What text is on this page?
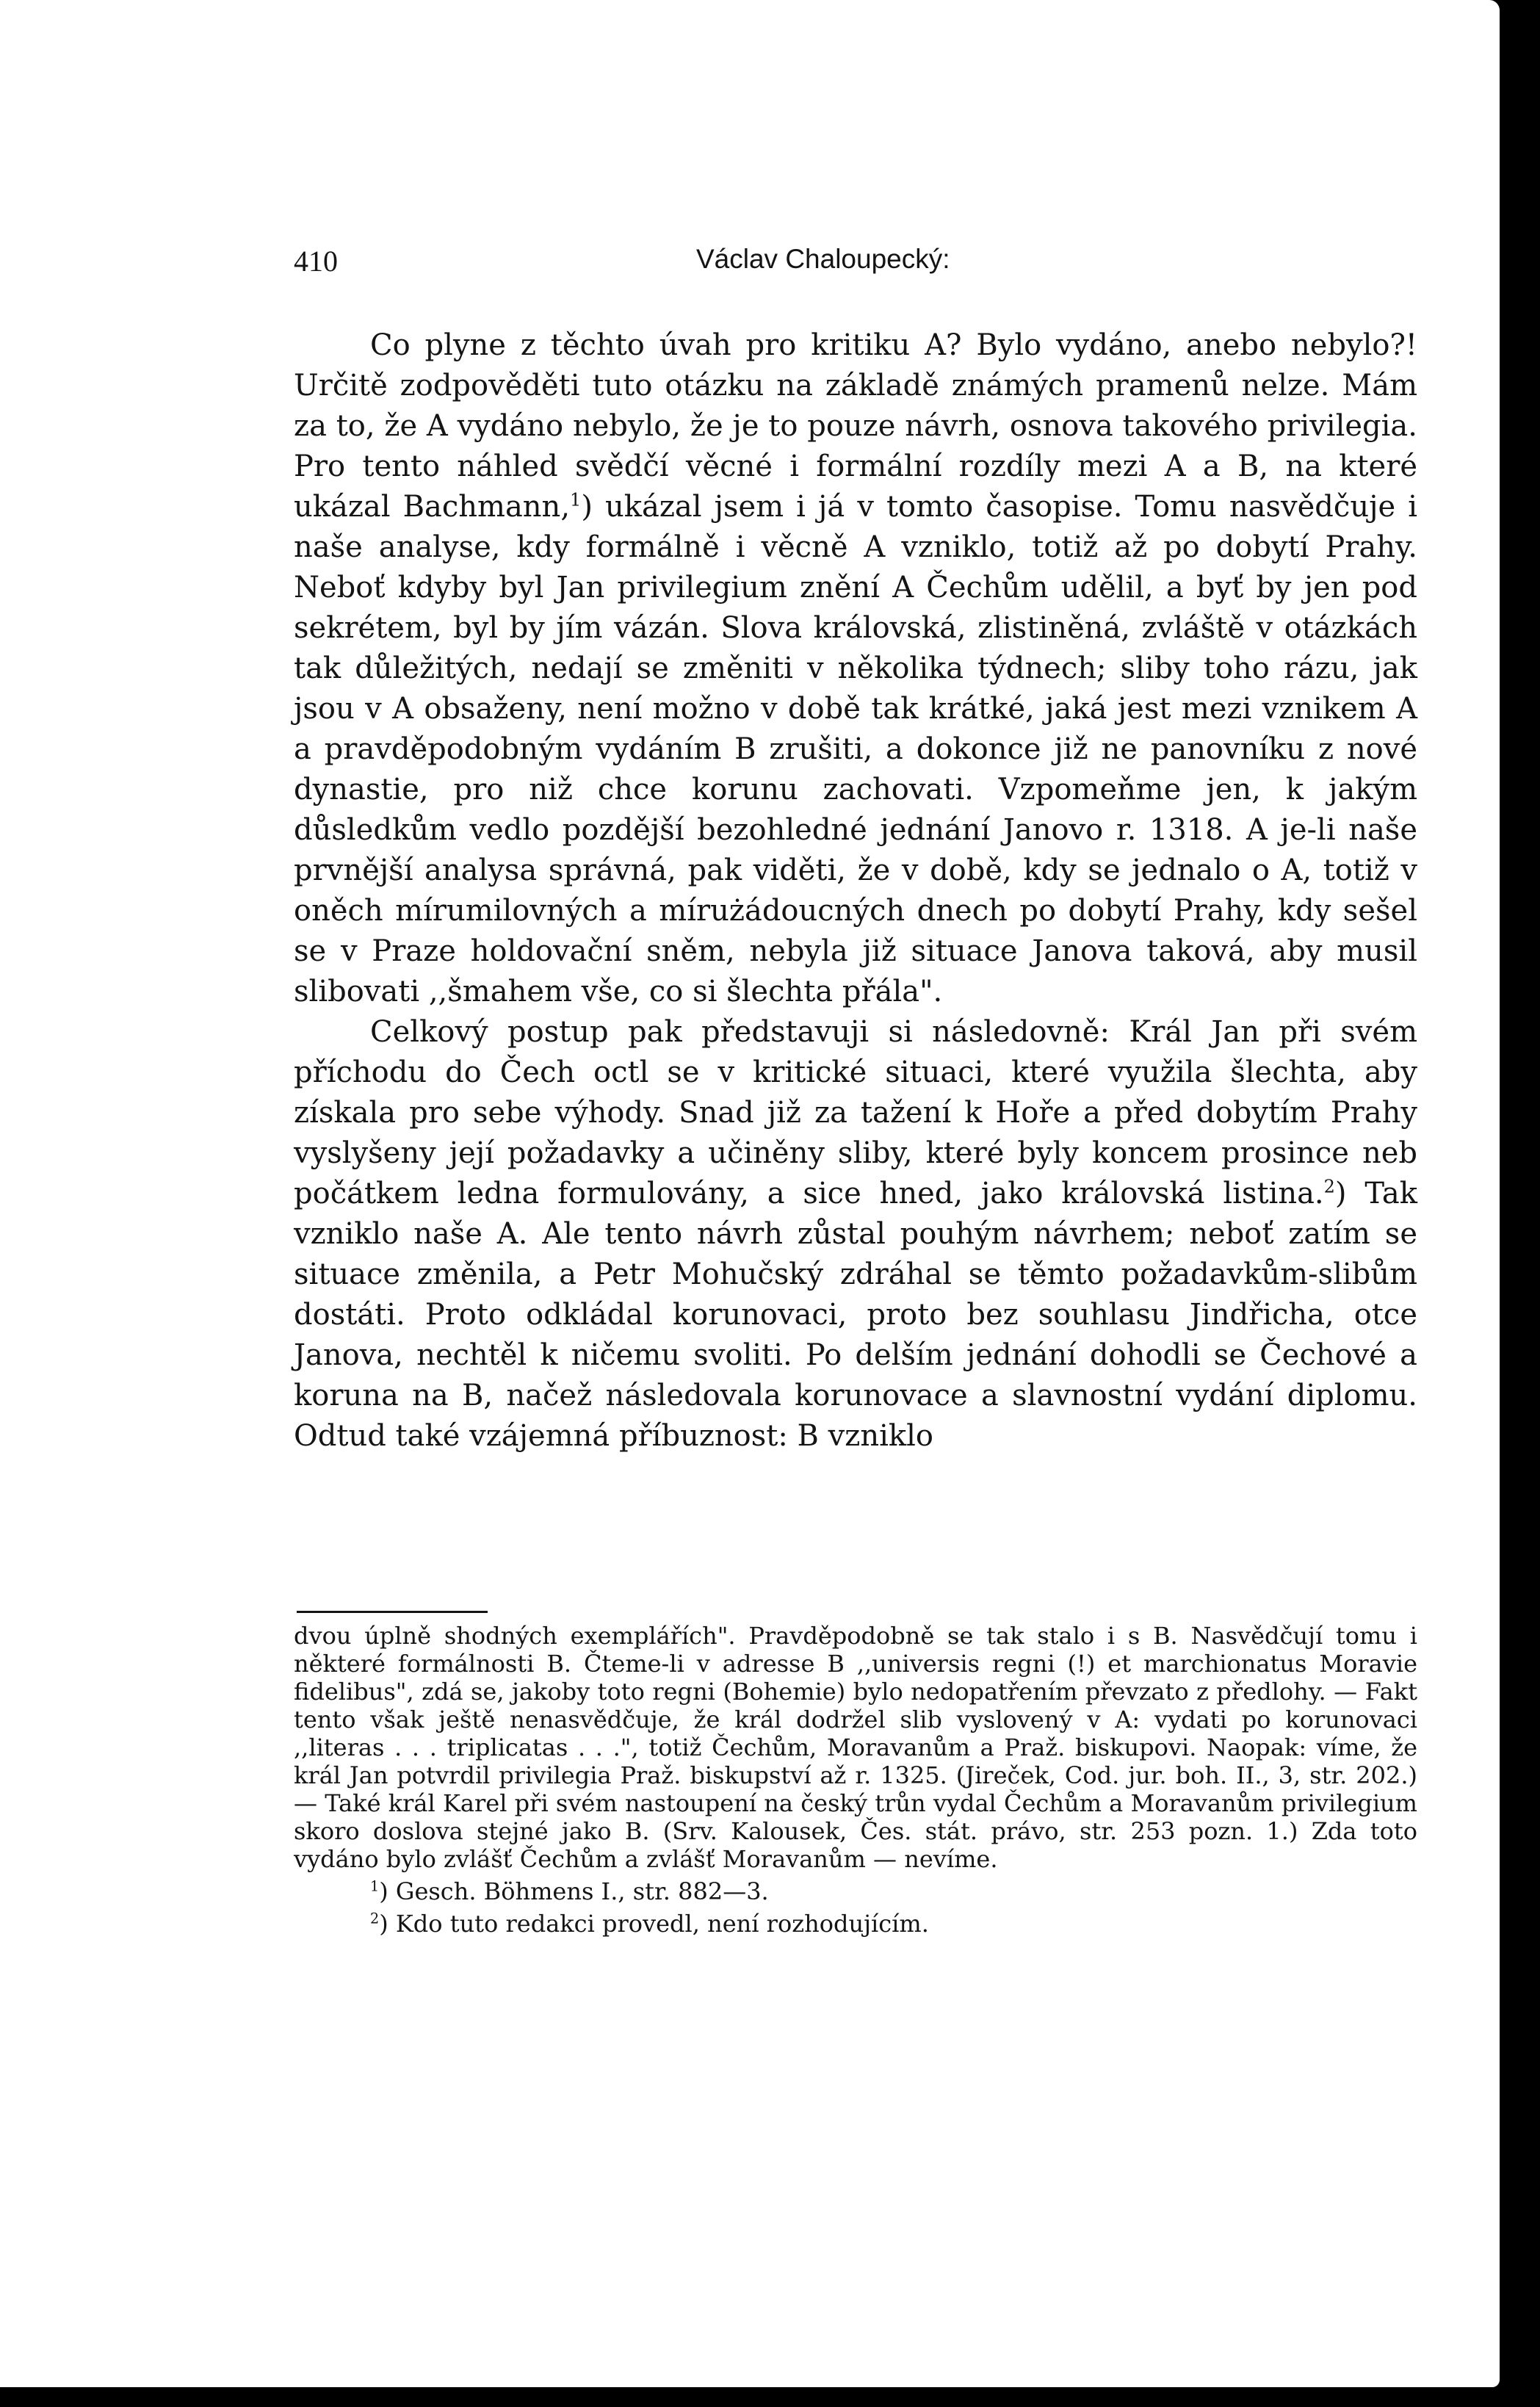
410	Václav Chaloupecký:

Co plyne z těchto úvah pro kritiku A? Bylo vydáno, anebo nebylo?! Určitě zodpověděti tuto otázku na základě známých pramenů nelze. Mám za to, že A vydáno nebylo, že je to pouze návrh, osnova takového privilegia. Pro tento náhled svědčí věcné i formální rozdíly mezi A a B, na které ukázal Bachmann,$^1$) ukázal jsem i já v tomto časopise. Tomu nasvědčuje i naše analyse, kdy formálně i věcně A vzniklo, totiž až po dobytí Prahy. Neboť kdyby byl Jan privilegium znění A Čechům udělil, a byť by jen pod sekrétem, byl by jím vázán. Slova královská, zlistiněná, zvláště v otázkách tak důležitých, nedají se změniti v několika týdnech; sliby toho rázu, jak jsou v A obsaženy, není možno v době tak krátké, jaká jest mezi vznikem A a pravděpodobným vydáním B zrušiti, a dokonce již ne panovníku z nové dynastie, pro niž chce korunu zachovati. Vzpomeňme jen, k jakým důsledkům vedlo pozdější bezohledné jednání Janovo r. 1318. A je-li naše prvnější analysa správná, pak viděti, že v době, kdy se jednalo o A, totiž v oněch mírumilovných a mírużádoucných dnech po dobytí Prahy, kdy sešel se v Praze holdovační sněm, nebyla již situace Janova taková, aby musil slibovati ,,šmahem vše, co si šlechta přála".

Celkový postup pak představuji si následovně: Král Jan při svém příchodu do Čech octl se v kritické situaci, které využila šlechta, aby získala pro sebe výhody. Snad již za tažení k Hoře a před dobytím Prahy vyslyšeny její požadavky a učiněny sliby, které byly koncem prosince neb počátkem ledna formulovány, a sice hned, jako královská listina.$^2$) Tak vzniklo naše A. Ale tento návrh zůstal pouhým návrhem; neboť zatím se situace změnila, a Petr Mohučský zdráhal se těmto požadavkům-slibům dostáti. Proto odkládal korunovaci, proto bez souhlasu Jindřicha, otce Janova, nechtěl k ničemu svoliti. Po delším jednání dohodli se Čechové a koruna na B, načež následovala korunovace a slavnostní vydání diplomu. Odtud také vzájemná příbuznost: B vzniklo

dvou úplně shodných exemplářích". Pravděpodobně se tak stalo i s B. Nasvědčují tomu i některé formálnosti B. Čteme-li v adresse B ,,universis regni (!) et marchionatus Moravie fidelibus", zdá se, jakoby toto regni (Bohemie) bylo nedopatřením převzato z předlohy. — Fakt tento však ještě nenasvědčuje, že král dodržel slib vyslovený v A: vydati po korunovaci ,,literas . . . triplicatas . . .", totiž Čechům, Moravanům a Praž. biskupovi. Naopak: víme, že král Jan potvrdil privilegia Praž. biskupství až r. 1325. (Jireček, Cod. jur. boh. II., 3, str. 202.) — Také král Karel při svém nastoupení na český trůn vydal Čechům a Moravanům privilegium skoro doslova stejné jako B. (Srv. Kalousek, Čes. stát. právo, str. 253 pozn. 1.) Zda toto vydáno bylo zvlášť Čechům a zvlášť Moravanům — nevíme.

$^1$) Gesch. Böhmens I., str. 882—3.

$^2$) Kdo tuto redakci provedl, není rozhodujícím.
